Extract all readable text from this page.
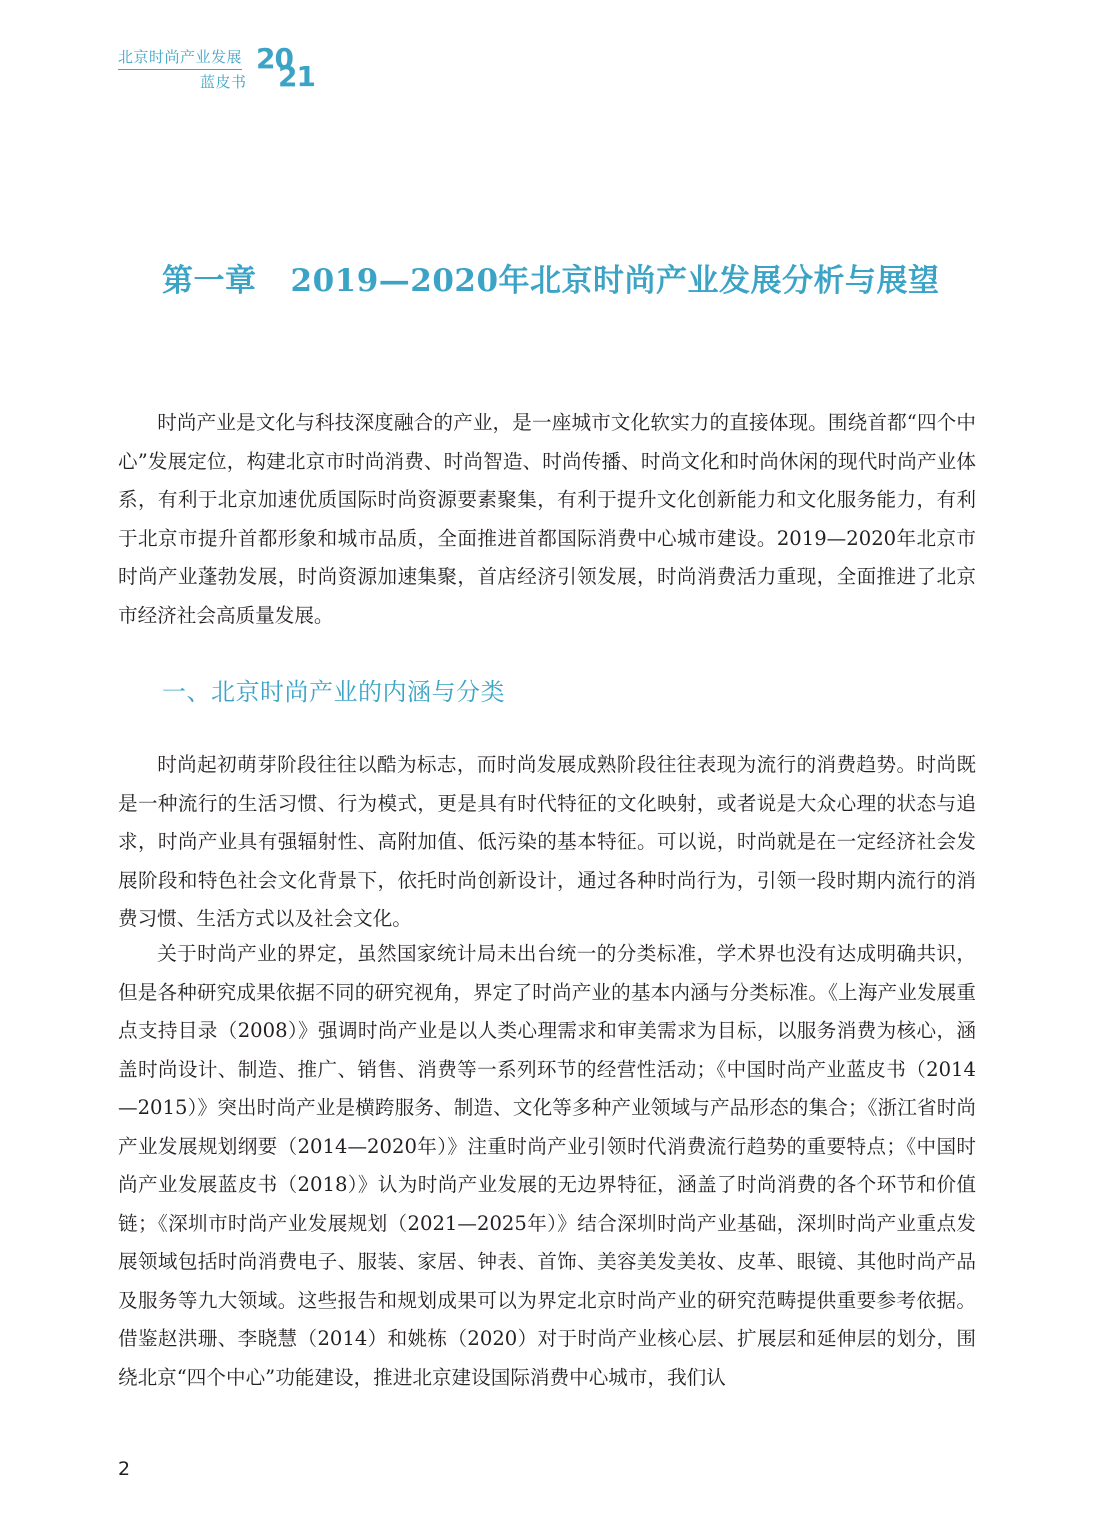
北京时尚产业发展
蓝皮书
20
21
第一章 2019—2020年北京时尚产业发展分析与展望

时尚产业是文化与科技深度融合的产业，是一座城市文化软实力的直接体现。围绕首都“四个中心”发展定位，构建北京市时尚消费、时尚智造、时尚传播、时尚文化和时尚休闲的现代时尚产业体系，有利于北京加速优质国际时尚资源要素聚集，有利于提升文化创新能力和文化服务能力，有利于北京市提升首都形象和城市品质，全面推进首都国际消费中心城市建设。2019—2020年北京市时尚产业蓬勃发展，时尚资源加速集聚，首店经济引领发展，时尚消费活力重现，全面推进了北京市经济社会高质量发展。

一、北京时尚产业的内涵与分类

时尚起初萌芽阶段往往以酷为标志，而时尚发展成熟阶段往往表现为流行的消费趋势。时尚既是一种流行的生活习惯、行为模式，更是具有时代特征的文化映射，或者说是大众心理的状态与追求，时尚产业具有强辐射性、高附加值、低污染的基本特征。可以说，时尚就是在一定经济社会发展阶段和特色社会文化背景下，依托时尚创新设计，通过各种时尚行为，引领一段时期内流行的消费习惯、生活方式以及社会文化。

关于时尚产业的界定，虽然国家统计局未出台统一的分类标准，学术界也没有达成明确共识，但是各种研究成果依据不同的研究视角，界定了时尚产业的基本内涵与分类标准。《上海产业发展重点支持目录（2008）》强调时尚产业是以人类心理需求和审美需求为目标，以服务消费为核心，涵盖时尚设计、制造、推广、销售、消费等一系列环节的经营性活动；《中国时尚产业蓝皮书（2014—2015）》突出时尚产业是横跨服务、制造、文化等多种产业领域与产品形态的集合；《浙江省时尚产业发展规划纲要（2014—2020年）》注重时尚产业引领时代消费流行趋势的重要特点；《中国时尚产业发展蓝皮书（2018）》认为时尚产业发展的无边界特征，涵盖了时尚消费的各个环节和价值链；《深圳市时尚产业发展规划（2021—2025年）》结合深圳时尚产业基础，深圳时尚产业重点发展领域包括时尚消费电子、服装、家居、钟表、首饰、美容美发美妆、皮革、眼镜、其他时尚产品及服务等九大领域。这些报告和规划成果可以为界定北京时尚产业的研究范畴提供重要参考依据。借鉴赵洪珊、李晓慧（2014）和姚栋（2020）对于时尚产业核心层、扩展层和延伸层的划分，围绕北京“四个中心”功能建设，推进北京建设国际消费中心城市，我们认

2
